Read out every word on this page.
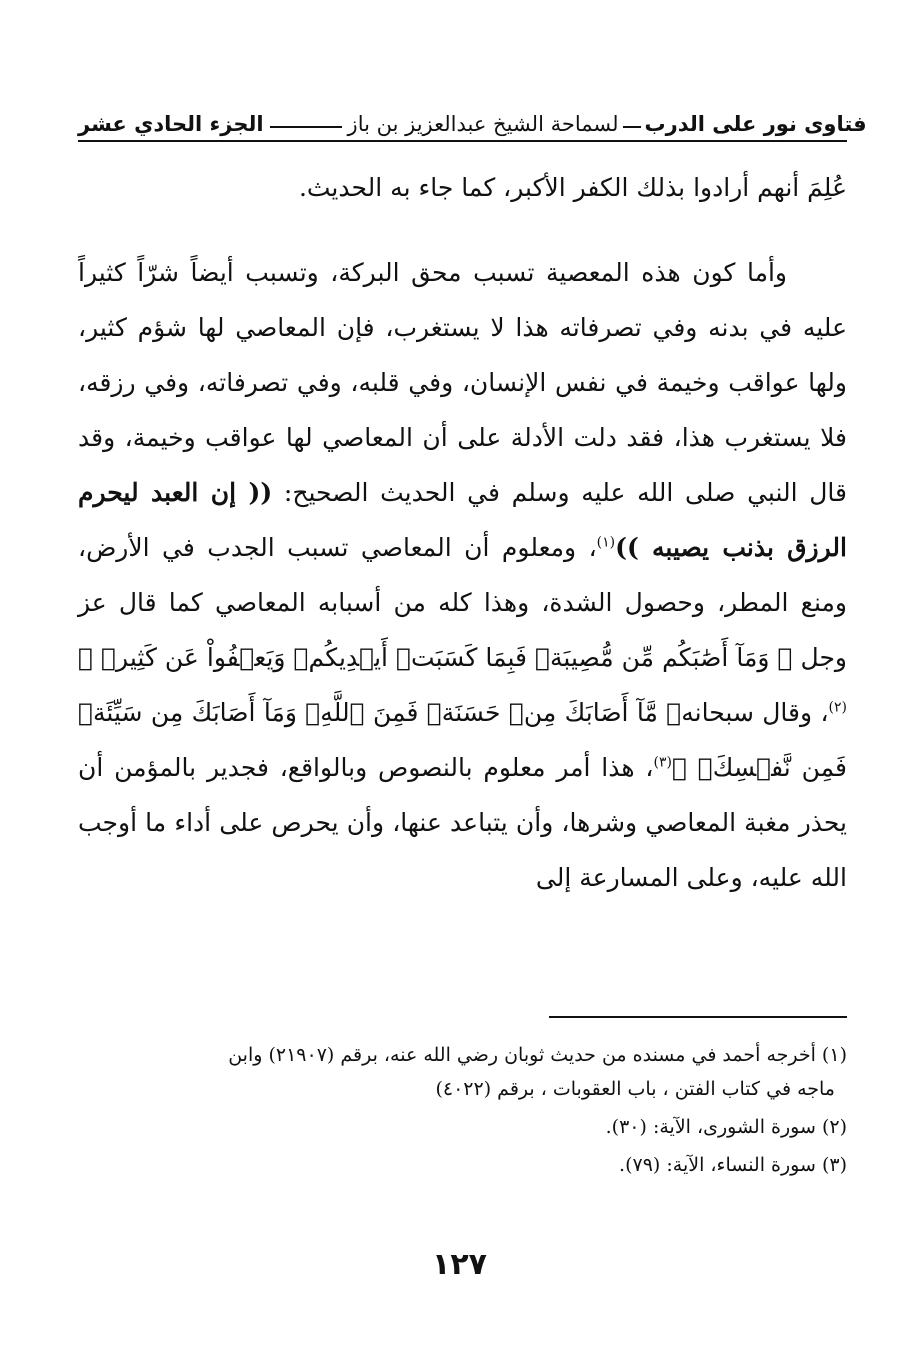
الجزء الحادي عشر	فتاوى نور على الدرب
لسماحة الشيخ عبدالعزيز بن باز

عُلِمَ أنهم أرادوا بذلك الكفر الأكبر، كما جاء به الحديث.

وأما كون هذه المعصية تسبب محق البركة، وتسبب أيضاً شرّاً كثيراً عليه في بدنه وفي تصرفاته هذا لا يستغرب، فإن المعاصي لها شؤم كثير، ولها عواقب وخيمة في نفس الإنسان، وفي قلبه، وفي تصرفاته، وفي رزقه، فلا يستغرب هذا، فقد دلت الأدلة على أن المعاصي لها عواقب وخيمة، وقد قال النبي صلى الله عليه وسلم في الحديث الصحيح: (( إن العبد ليحرم الرزق بذنب يصيبه ))$^{(١)}$، ومعلوم أن المعاصي تسبب الجدب في الأرض، ومنع المطر، وحصول الشدة، وهذا كله من أسبابه المعاصي كما قال عز وجل ﴿ وَمَآ أَصَٰبَكُم مِّن مُّصِيبَةٖ فَبِمَا كَسَبَتۡ أَيۡدِيكُمۡ وَيَعۡفُواْ عَن كَثِيرٖ ﴾$^{(٢)}$، وقال سبحانه﴿ مَّآ أَصَابَكَ مِنۡ حَسَنَةٖ فَمِنَ ٱللَّهِۖ وَمَآ أَصَابَكَ مِن سَيِّئَةٖ فَمِن نَّفۡسِكَۚ ﴾$^{(٣)}$، هذا أمر معلوم بالنصوص وبالواقع، فجدير بالمؤمن أن يحذر مغبة المعاصي وشرها، وأن يتباعد عنها، وأن يحرص على أداء ما أوجب الله عليه، وعلى المسارعة إلى

(١) أخرجه أحمد في مسنده من حديث ثوبان رضي الله عنه، برقم (٢١٩٠٧) وابن
ماجه في كتاب الفتن ، باب العقوبات ، برقم (٤٠٢٢)

(٢) سورة الشورى، الآية: (٣٠).

(٣) سورة النساء، الآية: (٧٩).

١٢٧
